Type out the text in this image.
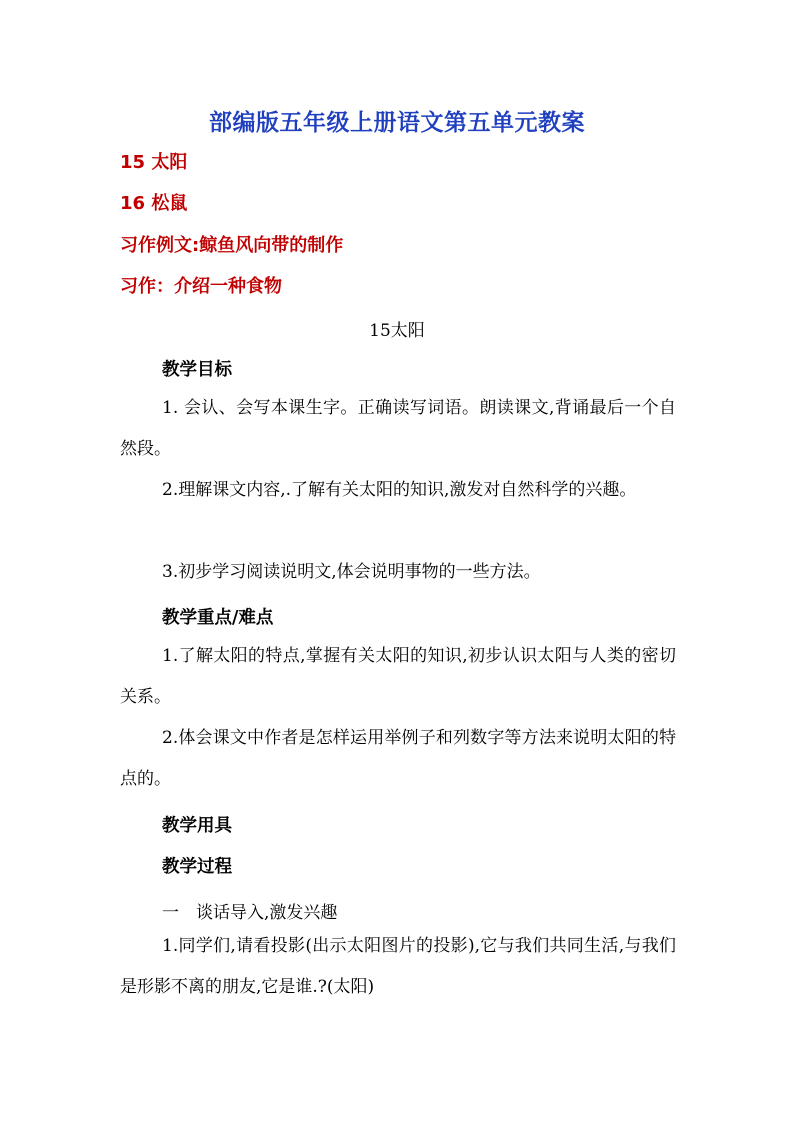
部编版五年级上册语文第五单元教案
15 太阳
16 松鼠
习作例文:鲸鱼风向带的制作
习作：介绍一种食物
15太阳
教学目标
1. 会认、会写本课生字。正确读写词语。朗读课文,背诵最后一个自然段。
2.理解课文内容,.了解有关太阳的知识,激发对自然科学的兴趣。
3.初步学习阅读说明文,体会说明事物的一些方法。
教学重点/难点
1.了解太阳的特点,掌握有关太阳的知识,初步认识太阳与人类的密切关系。
2.体会课文中作者是怎样运用举例子和列数字等方法来说明太阳的特点的。
教学用具
教学过程
一　谈话导入,激发兴趣
1.同学们,请看投影(出示太阳图片的投影),它与我们共同生活,与我们是形影不离的朋友,它是谁.?(太阳)
